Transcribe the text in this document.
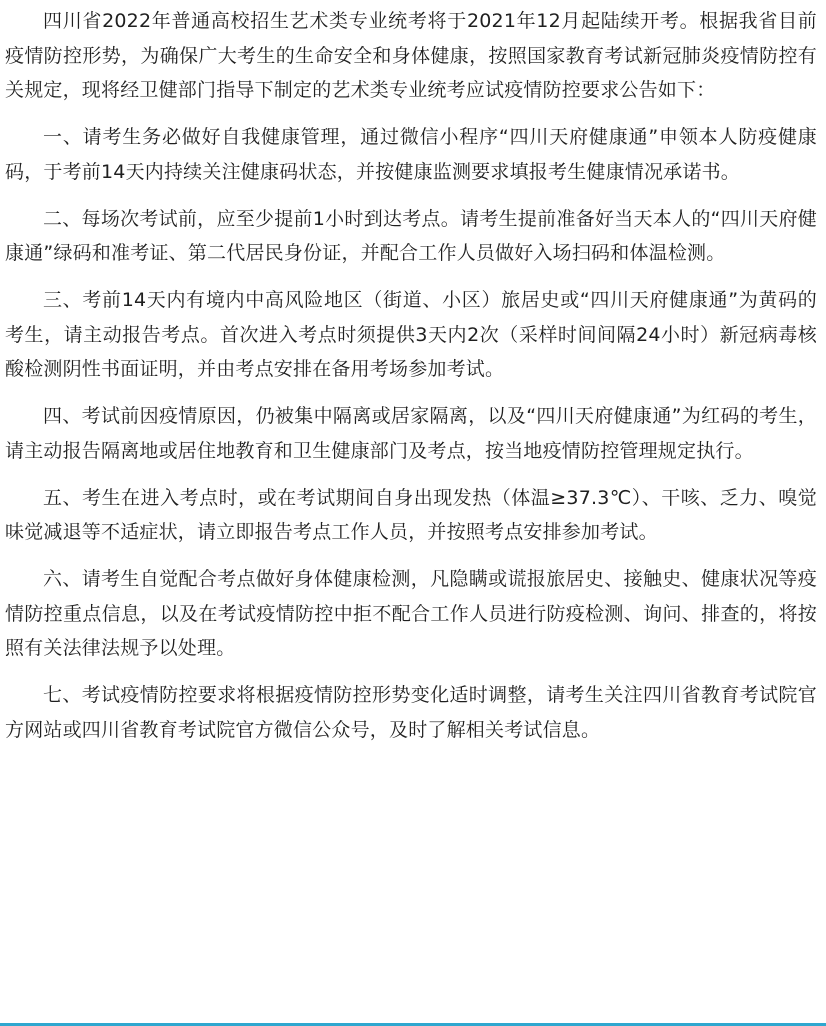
四川省2022年普通高校招生艺术类专业统考将于2021年12月起陆续开考。根据我省目前疫情防控形势，为确保广大考生的生命安全和身体健康，按照国家教育考试新冠肺炎疫情防控有关规定，现将经卫健部门指导下制定的艺术类专业统考应试疫情防控要求公告如下：

一、请考生务必做好自我健康管理，通过微信小程序“四川天府健康通”申领本人防疫健康码，于考前14天内持续关注健康码状态，并按健康监测要求填报考生健康情况承诺书。

二、每场次考试前，应至少提前1小时到达考点。请考生提前准备好当天本人的“四川天府健康通”绿码和准考证、第二代居民身份证，并配合工作人员做好入场扫码和体温检测。

三、考前14天内有境内中高风险地区（街道、小区）旅居史或“四川天府健康通”为黄码的考生，请主动报告考点。首次进入考点时须提供3天内2次（采样时间间隔24小时）新冠病毒核酸检测阴性书面证明，并由考点安排在备用考场参加考试。

四、考试前因疫情原因，仍被集中隔离或居家隔离，以及“四川天府健康通”为红码的考生，请主动报告隔离地或居住地教育和卫生健康部门及考点，按当地疫情防控管理规定执行。

五、考生在进入考点时，或在考试期间自身出现发热（体温≥37.3℃）、干咳、乏力、嗅觉味觉减退等不适症状，请立即报告考点工作人员，并按照考点安排参加考试。

六、请考生自觉配合考点做好身体健康检测，凡隐瞒或谎报旅居史、接触史、健康状况等疫情防控重点信息，以及在考试疫情防控中拒不配合工作人员进行防疫检测、询问、排查的，将按照有关法律法规予以处理。

七、考试疫情防控要求将根据疫情防控形势变化适时调整，请考生关注四川省教育考试院官方网站或四川省教育考试院官方微信公众号，及时了解相关考试信息。
